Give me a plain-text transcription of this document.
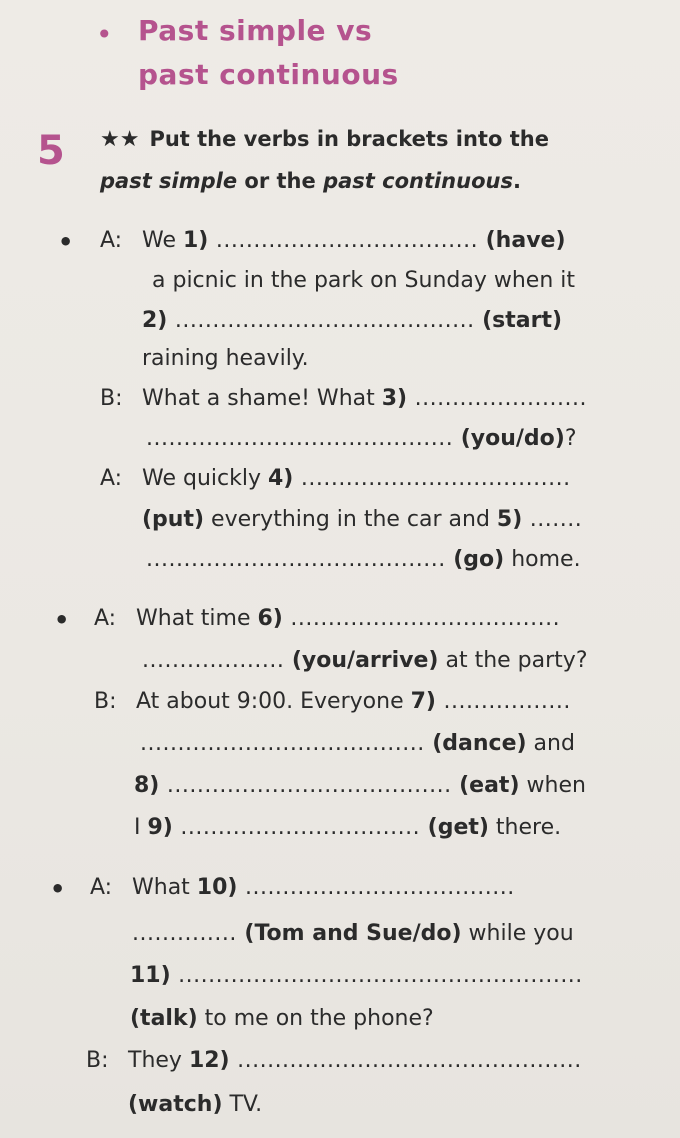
• Past simple vs
past continuous
5 ★★ Put the verbs in brackets into the
past simple or the past continuous.
• A: We 1) ................................... (have)
a picnic in the park on Sunday when it
2) ........................................ (start)
raining heavily.
B: What a shame! What 3) .......................
......................................... (you/do)?
A: We quickly 4) ....................................
(put) everything in the car and 5) .......
........................................ (go) home.
• A: What time 6) ....................................
................... (you/arrive) at the party?
B: At about 9:00. Everyone 7) .................
...................................... (dance) and
8) ...................................... (eat) when
I 9) ................................ (get) there.
• A: What 10) ....................................
.............. (Tom and Sue/do) while you
11) ......................................................
(talk) to me on the phone?
B: They 12) ..............................................
(watch) TV.
